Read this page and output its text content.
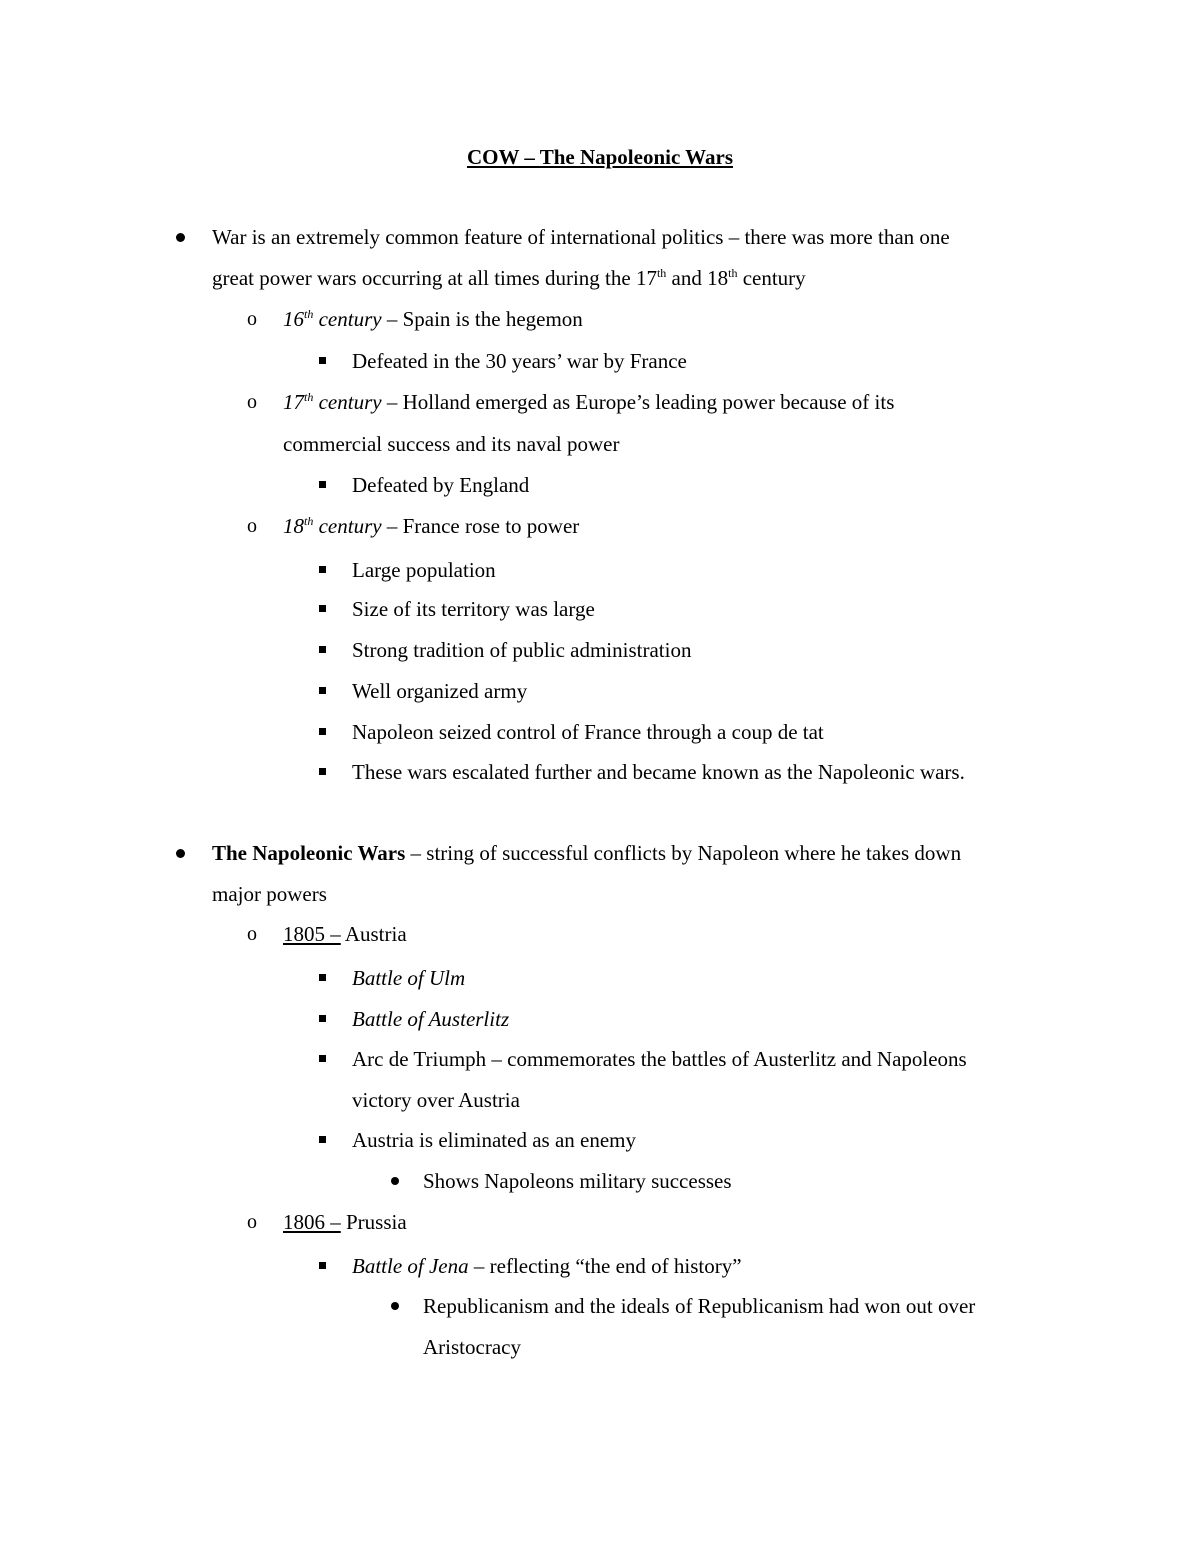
COW – The Napoleonic Wars
War is an extremely common feature of international politics – there was more than one
great power wars occurring at all times during the 17th and 18th century
o 16th century – Spain is the hegemon
Defeated in the 30 years’ war by France
o 17th century – Holland emerged as Europe’s leading power because of its
commercial success and its naval power
Defeated by England
o 18th century – France rose to power
Large population
Size of its territory was large
Strong tradition of public administration
Well organized army
Napoleon seized control of France through a coup de tat
These wars escalated further and became known as the Napoleonic wars.
The Napoleonic Wars – string of successful conflicts by Napoleon where he takes down
major powers
o 1805 – Austria
Battle of Ulm
Battle of Austerlitz
Arc de Triumph – commemorates the battles of Austerlitz and Napoleons
victory over Austria
Austria is eliminated as an enemy
Shows Napoleons military successes
o 1806 – Prussia
Battle of Jena – reflecting “the end of history”
Republicanism and the ideals of Republicanism had won out over
Aristocracy
